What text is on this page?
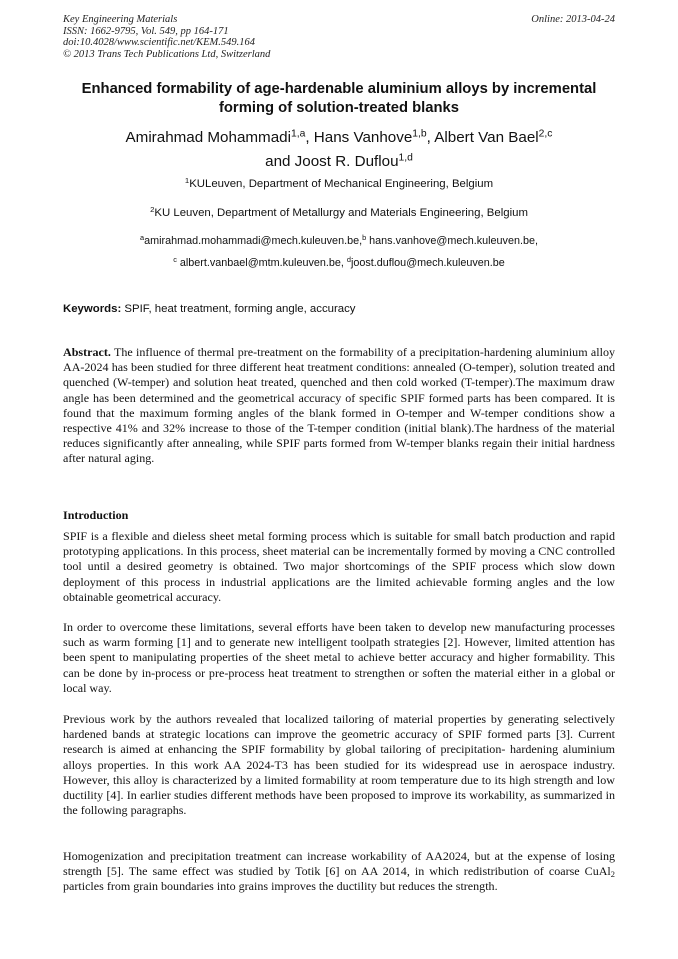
Key Engineering Materials
ISSN: 1662-9795, Vol. 549, pp 164-171
doi:10.4028/www.scientific.net/KEM.549.164
© 2013 Trans Tech Publications Ltd, Switzerland
Online: 2013-04-24
Enhanced formability of age-hardenable aluminium alloys by incremental forming of solution-treated blanks
Amirahmad Mohammadi$^{1,a}$, Hans Vanhove$^{1,b}$, Albert Van Bael$^{2,c}$
and Joost R. Duflou$^{1,d}$
$^1$KULeuven, Department of Mechanical Engineering, Belgium
$^2$KU Leuven, Department of Metallurgy and Materials Engineering, Belgium
$^a$amirahmad.mohammadi@mech.kuleuven.be,$^b$ hans.vanhove@mech.kuleuven.be,
$^c$ albert.vanbael@mtm.kuleuven.be, $^d$joost.duflou@mech.kuleuven.be
Keywords: SPIF, heat treatment, forming angle, accuracy
Abstract. The influence of thermal pre-treatment on the formability of a precipitation-hardening aluminium alloy AA-2024 has been studied for three different heat treatment conditions: annealed (O-temper), solution treated and quenched (W-temper) and solution heat treated, quenched and then cold worked (T-temper).The maximum draw angle has been determined and the geometrical accuracy of specific SPIF formed parts has been compared. It is found that the maximum forming angles of the blank formed in O-temper and W-temper conditions show a respective 41% and 32% increase to those of the T-temper condition (initial blank).The hardness of the material reduces significantly after annealing, while SPIF parts formed from W-temper blanks regain their initial hardness after natural aging.
Introduction
SPIF is a flexible and dieless sheet metal forming process which is suitable for small batch production and rapid prototyping applications. In this process, sheet material can be incrementally formed by moving a CNC controlled tool until a desired geometry is obtained. Two major shortcomings of the SPIF process which slow down deployment of this process in industrial applications are the limited achievable forming angles and the low obtainable geometrical accuracy.
In order to overcome these limitations, several efforts have been taken to develop new manufacturing processes such as warm forming [1] and to generate new intelligent toolpath strategies [2]. However, limited attention has been spent to manipulating properties of the sheet metal to achieve better accuracy and higher formability. This can be done by in-process or pre-process heat treatment to strengthen or soften the material either in a global or local way.
Previous work by the authors revealed that localized tailoring of material properties by generating selectively hardened bands at strategic locations can improve the geometric accuracy of SPIF formed parts [3]. Current research is aimed at enhancing the SPIF formability by global tailoring of precipitation- hardening aluminium alloys properties. In this work AA 2024-T3 has been studied for its widespread use in aerospace industry. However, this alloy is characterized by a limited formability at room temperature due to its high strength and low ductility [4]. In earlier studies different methods have been proposed to improve its workability, as summarized in the following paragraphs.
Homogenization and precipitation treatment can increase workability of AA2024, but at the expense of losing strength [5]. The same effect was studied by Totik [6] on AA 2014, in which redistribution of coarse CuAl$_2$ particles from grain boundaries into grains improves the ductility but reduces the strength.
